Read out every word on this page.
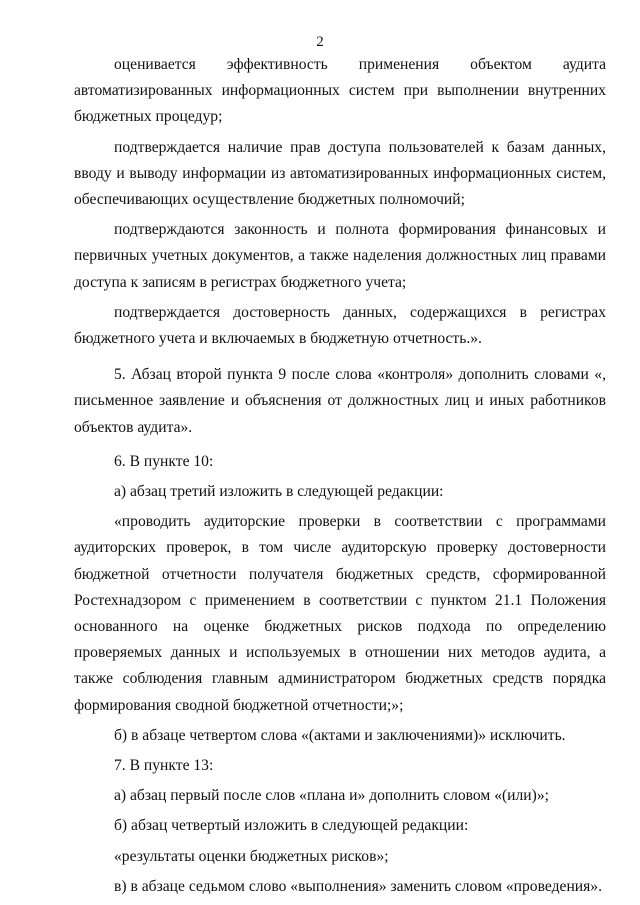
2

оценивается эффективность применения объектом аудита автоматизированных информационных систем при выполнении внутренних бюджетных процедур;

подтверждается наличие прав доступа пользователей к базам данных, вводу и выводу информации из автоматизированных информационных систем, обеспечивающих осуществление бюджетных полномочий;

подтверждаются законность и полнота формирования финансовых и первичных учетных документов, а также наделения должностных лиц правами доступа к записям в регистрах бюджетного учета;

подтверждается достоверность данных, содержащихся в регистрах бюджетного учета и включаемых в бюджетную отчетность.».

5. Абзац второй пункта 9 после слова «контроля» дополнить словами «, письменное заявление и объяснения от должностных лиц и иных работников объектов аудита».

6. В пункте 10:

а) абзац третий изложить в следующей редакции:

«проводить аудиторские проверки в соответствии с программами аудиторских проверок, в том числе аудиторскую проверку достоверности бюджетной отчетности получателя бюджетных средств, сформированной Ростехнадзором с применением в соответствии с пунктом 21.1 Положения основанного на оценке бюджетных рисков подхода по определению проверяемых данных и используемых в отношении них методов аудита, а также соблюдения главным администратором бюджетных средств порядка формирования сводной бюджетной отчетности;»;

б) в абзаце четвертом слова «(актами и заключениями)» исключить.

7. В пункте 13:

а) абзац первый после слов «плана и» дополнить словом «(или)»;

б) абзац четвертый изложить в следующей редакции:

«результаты оценки бюджетных рисков»;

в) в абзаце седьмом слово «выполнения» заменить словом «проведения».
